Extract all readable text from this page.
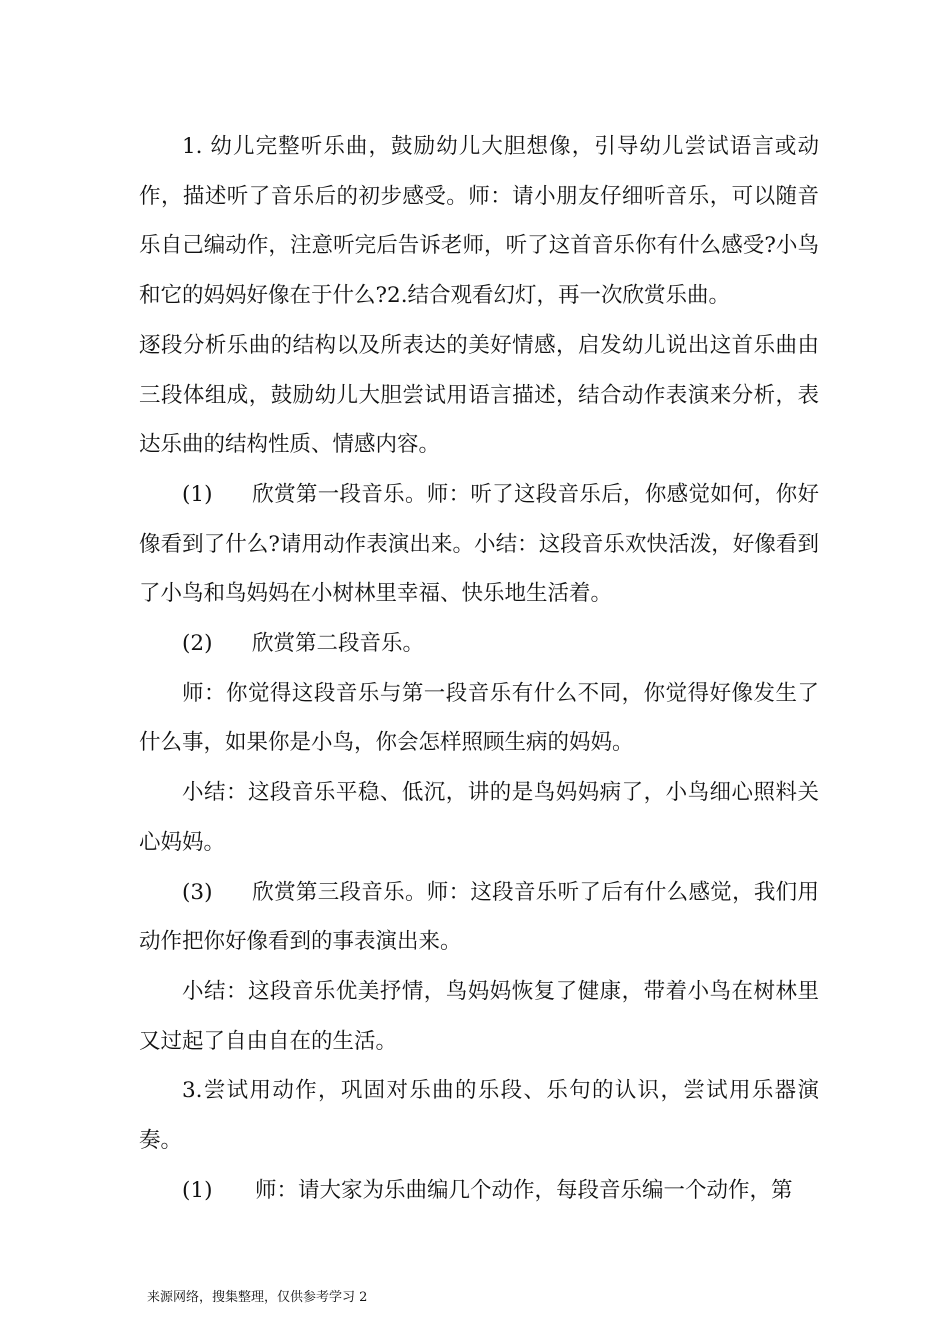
1. 幼儿完整听乐曲，鼓励幼儿大胆想像，引导幼儿尝试语言或动作，描述听了音乐后的初步感受。师：请小朋友仔细听音乐，可以随音乐自己编动作，注意听完后告诉老师，听了这首音乐你有什么感受?小鸟和它的妈妈好像在于什么?2.结合观看幻灯，再一次欣赏乐曲。

逐段分析乐曲的结构以及所表达的美好情感，启发幼儿说出这首乐曲由三段体组成，鼓励幼儿大胆尝试用语言描述，结合动作表演来分析，表达乐曲的结构性质、情感内容。

(1) 欣赏第一段音乐。师：听了这段音乐后，你感觉如何，你好像看到了什么?请用动作表演出来。小结：这段音乐欢快活泼，好像看到了小鸟和鸟妈妈在小树林里幸福、快乐地生活着。

(2) 欣赏第二段音乐。

师：你觉得这段音乐与第一段音乐有什么不同，你觉得好像发生了什么事，如果你是小鸟，你会怎样照顾生病的妈妈。

小结：这段音乐平稳、低沉，讲的是鸟妈妈病了，小鸟细心照料关心妈妈。

(3) 欣赏第三段音乐。师：这段音乐听了后有什么感觉，我们用动作把你好像看到的事表演出来。

小结：这段音乐优美抒情，鸟妈妈恢复了健康，带着小鸟在树林里又过起了自由自在的生活。

3.尝试用动作，巩固对乐曲的乐段、乐句的认识，尝试用乐器演奏。

(1) 师：请大家为乐曲编几个动作，每段音乐编一个动作，第

来源网络，搜集整理，仅供参考学习 2
